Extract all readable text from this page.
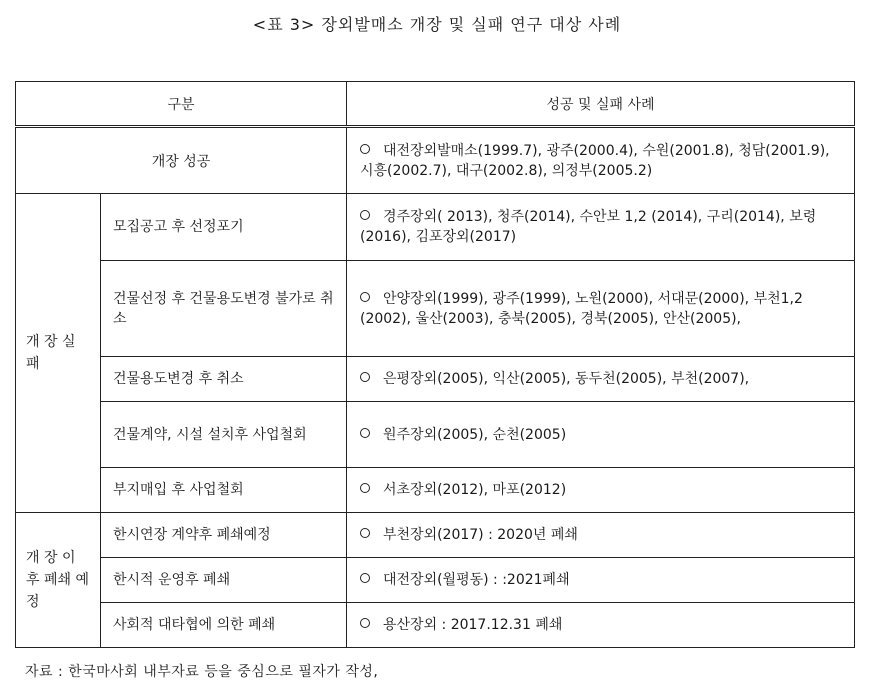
<표 3> 장외발매소 개장 및 실패 연구 대상 사례
구분		성공 및 실패 사례
개장 성공		대전장외발매소(1999.7), 광주(2000.4), 수원(2001.8), 청담(2001.9), 시흥(2002.7), 대구(2002.8), 의정부(2005.2)
개 장 실 패	모집공고 후 선정포기	경주장외( 2013), 청주(2014), 수안보 1,2 (2014), 구리(2014), 보령(2016), 김포장외(2017)
	건물선정 후 건물용도변경 불가로 취소	안양장외(1999), 광주(1999), 노원(2000), 서대문(2000), 부천1,2 (2002), 울산(2003), 충북(2005), 경북(2005), 안산(2005),
	건물용도변경 후 취소	은평장외(2005), 익산(2005), 동두천(2005), 부천(2007),
	건물계약, 시설 설치후 사업철회	원주장외(2005), 순천(2005)
	부지매입 후 사업철회	서초장외(2012), 마포(2012)
개 장 이 후 폐쇄 예정	한시연장 계약후 폐쇄예정	부천장외(2017) : 2020년 폐쇄
	한시적 운영후 폐쇄	대전장외(월평동) : :2021폐쇄
	사회적 대타협에 의한 폐쇄	용산장외 : 2017.12.31 폐쇄
자료 : 한국마사회 내부자료 등을 중심으로 필자가 작성,
